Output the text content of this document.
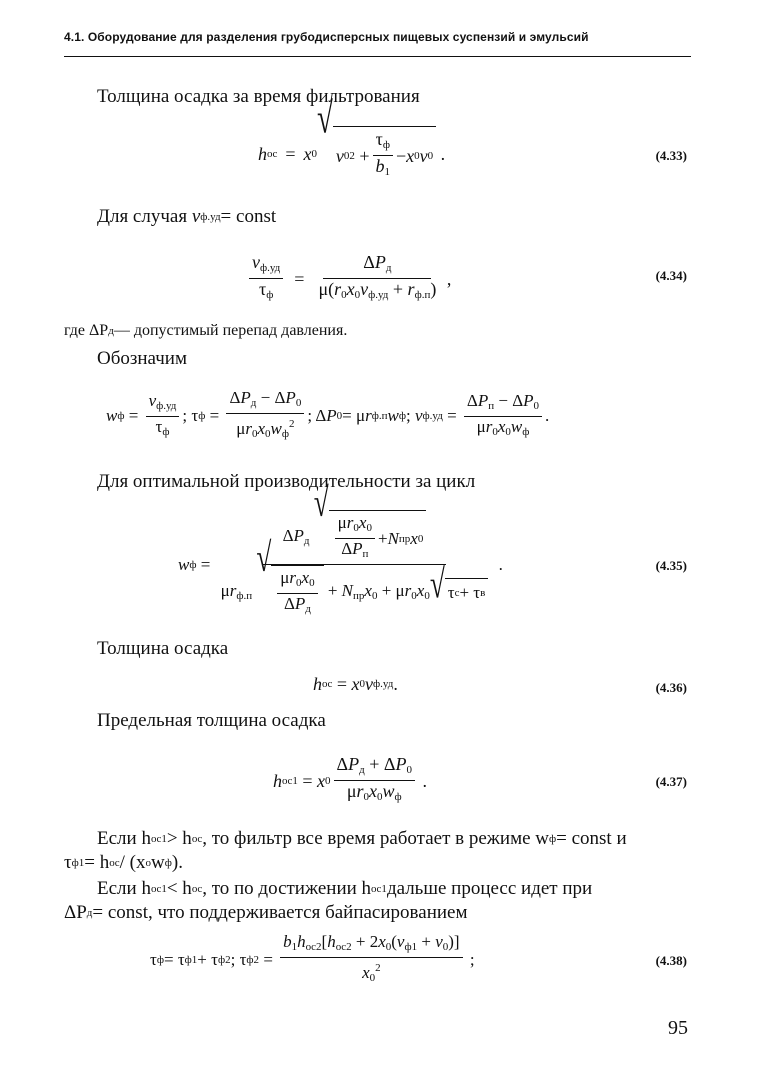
4.1. Оборудование для разделения грубодисперсных пищевых суспензий и эмульсий
Толщина осадка за время фильтрования
h oc = x 0
√
ν 0 $2 + \frac{\tau_ф}{b_1} - x$ 0 ν 0 .	(4.33)
Для случая
ν ф.уд = const
$\frac{\nu_{ф.уд}}{\tau_ф} = \frac{\Delta P_д}{\mu(r_0x_0\nu_{ф.уд} + r_{ф.п})}$ ,	(4.34)
где ΔP д — допустимый перепад давления.
Обозначим
w $ф = \frac{\nu_{ф.уд}}{\tau_ф}$ ; τ $ф = \frac{\Delta P_д - \Delta P_0}{\mu r_0x_0w_ф^2}$ ; Δ P 0 = μ r ф.п w ф ; ν $ф.уд = \frac{\Delta P_п - \Delta P_0}{\mu r_0x_0w_ф}$ .
Для оптимальной производительности за цикл
w ф =
$\Delta P_д$
√
$\frac{\mu r_0x_0}{\Delta P_п} + N$ пр x 0
$\mu r_{ф.п}$
√
$\frac{\mu r_0x_0}{\Delta P_д} + N_{пр}x_0 + \mu r_0x_0$ √ τ c + τ в
.	(4.35)
Толщина осадка
h oc = x 0 ν ф.уд .	(4.36)
Предельная толщина осадка
h oc1 = x $0 \frac{\Delta P_д + \Delta P_0}{\mu r_0x_0w_ф}$ .	(4.37)
Если h oc1 > h oc , то фильтр все время работает в режиме w ф = const и
τ ф1 = h oc / (x o w ф ).
Если h oc1 < h oc , то по достижении h oc1 дальше процесс идет при
ΔP д = const, что поддерживается байпасированием
τ ф = τ ф1 + τ ф2 ; τ $ф2 = \frac{b_1h_{oc2}[h_{oc2} + 2x_0(\nu_{ф1} + \nu_0)]}{x_0^2}$ ;	(4.38)
95
